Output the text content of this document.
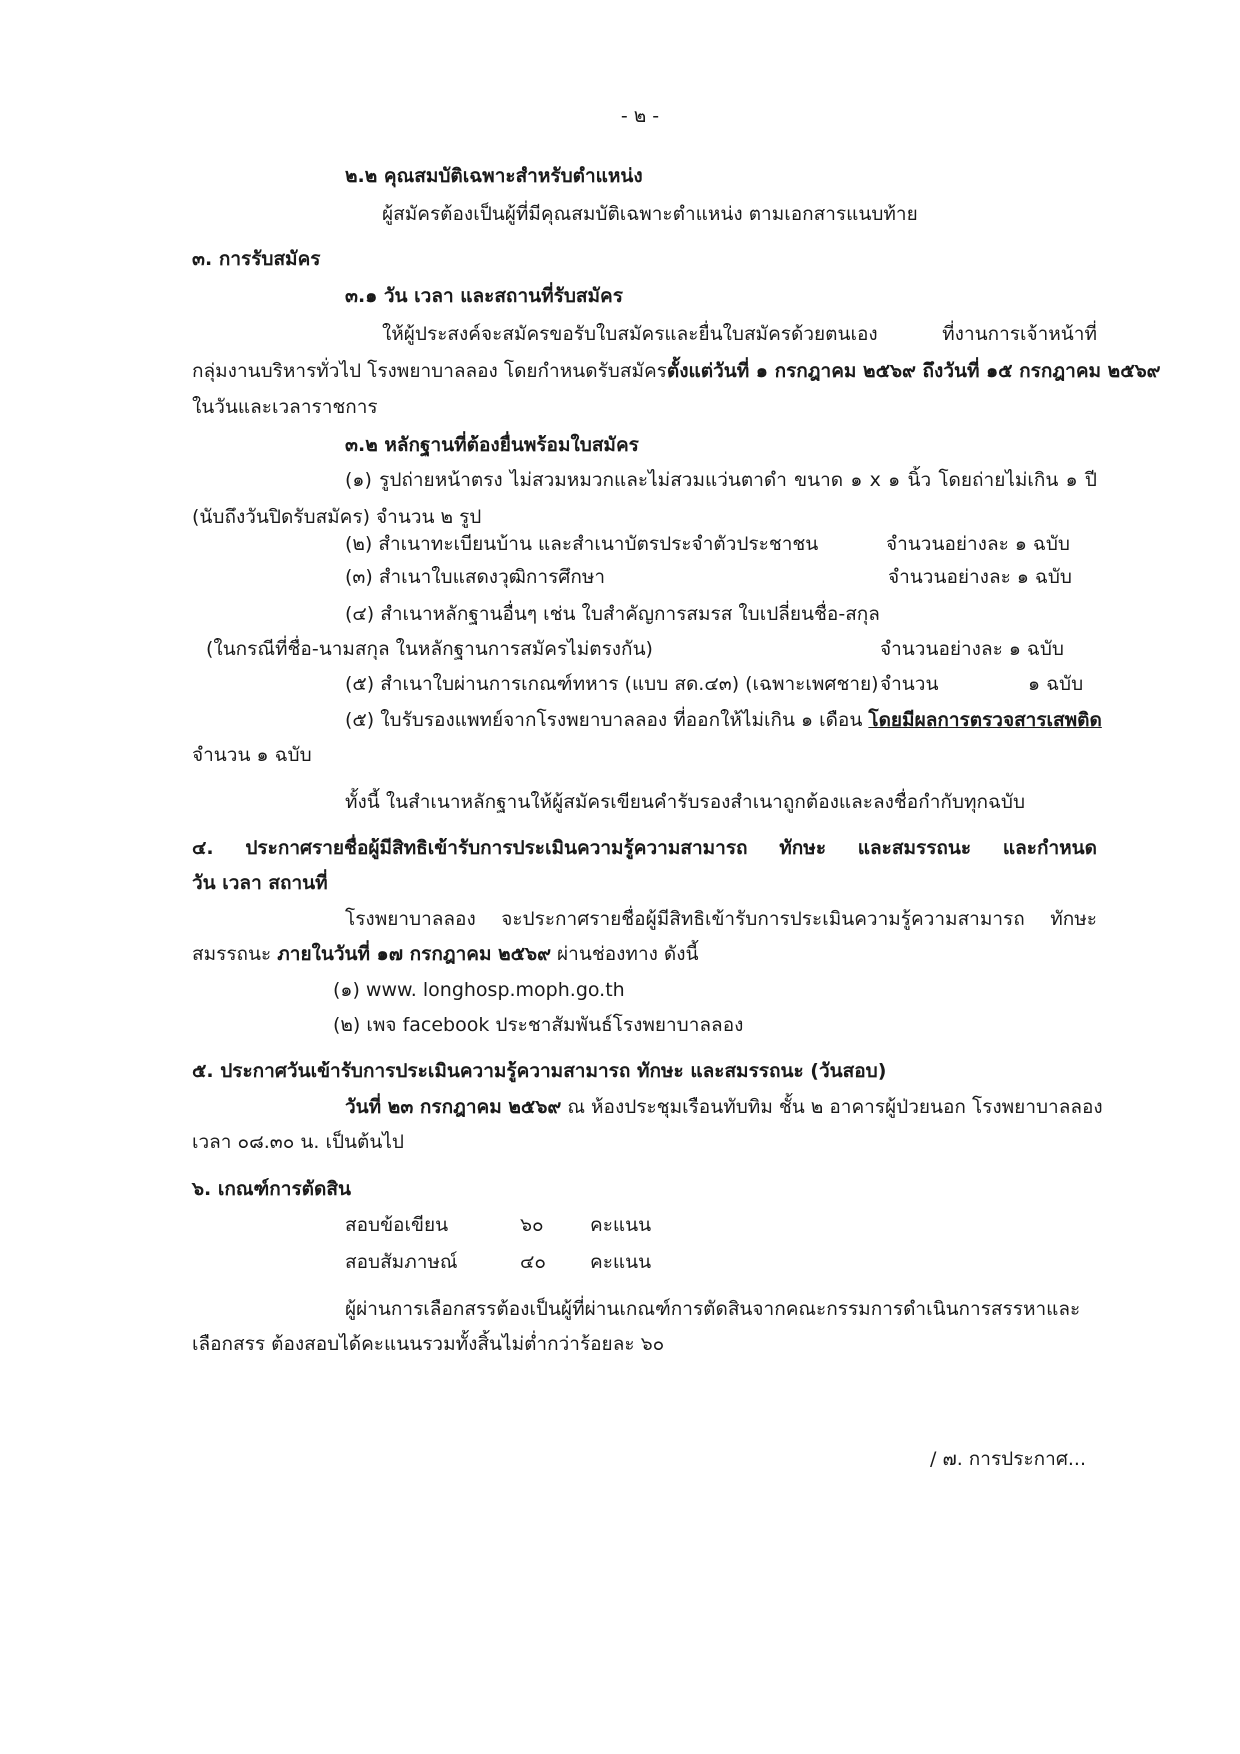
- ๒ -
๒.๒ คุณสมบัติเฉพาะสำหรับตำแหน่ง
ผู้สมัครต้องเป็นผู้ที่มีคุณสมบัติเฉพาะตำแหน่ง ตามเอกสารแนบท้าย
๓. การรับสมัคร
๓.๑ วัน เวลา และสถานที่รับสมัคร
ให้ผู้ประสงค์จะสมัครขอรับใบสมัครและยื่นใบสมัครด้วยตนเอง ที่งานการเจ้าหน้าที่
กลุ่มงานบริหารทั่วไป โรงพยาบาลลอง โดยกำหนดรับสมัครตั้งแต่วันที่ ๑ กรกฎาคม ๒๕๖๙ ถึงวันที่ ๑๕ กรกฎาคม ๒๕๖๙
ในวันและเวลาราชการ
๓.๒ หลักฐานที่ต้องยื่นพร้อมใบสมัคร
(๑) รูปถ่ายหน้าตรง ไม่สวมหมวกและไม่สวมแว่นตาดำ ขนาด ๑ x ๑ นิ้ว โดยถ่ายไม่เกิน ๑ ปี
(นับถึงวันปิดรับสมัคร) จำนวน ๒ รูป
(๒) สำเนาทะเบียนบ้าน และสำเนาบัตรประจำตัวประชาชน	จำนวนอย่างละ ๑ ฉบับ
(๓) สำเนาใบแสดงวุฒิการศึกษา	จำนวนอย่างละ ๑ ฉบับ
(๔) สำเนาหลักฐานอื่นๆ เช่น ใบสำคัญการสมรส ใบเปลี่ยนชื่อ-สกุล
(ในกรณีที่ชื่อ-นามสกุล ในหลักฐานการสมัครไม่ตรงกัน)	จำนวนอย่างละ ๑ ฉบับ
(๕) สำเนาใบผ่านการเกณฑ์ทหาร (แบบ สด.๔๓) (เฉพาะเพศชาย) จำนวน	๑ ฉบับ
(๕) ใบรับรองแพทย์จากโรงพยาบาลลอง ที่ออกให้ไม่เกิน ๑ เดือน โดยมีผลการตรวจสารเสพติด
จำนวน ๑ ฉบับ
ทั้งนี้ ในสำเนาหลักฐานให้ผู้สมัครเขียนคำรับรองสำเนาถูกต้องและลงชื่อกำกับทุกฉบับ
๔. ประกาศรายชื่อผู้มีสิทธิเข้ารับการประเมินความรู้ความสามารถ ทักษะ และสมรรถนะ และกำหนด
วัน เวลา สถานที่
โรงพยาบาลลอง จะประกาศรายชื่อผู้มีสิทธิเข้ารับการประเมินความรู้ความสามารถ ทักษะ
สมรรถนะ ภายในวันที่ ๑๗ กรกฎาคม ๒๕๖๙ ผ่านช่องทาง ดังนี้
(๑) www. longhosp.moph.go.th
(๒) เพจ facebook ประชาสัมพันธ์โรงพยาบาลลอง
๕. ประกาศวันเข้ารับการประเมินความรู้ความสามารถ ทักษะ และสมรรถนะ (วันสอบ)
วันที่ ๒๓ กรกฎาคม ๒๕๖๙ ณ ห้องประชุมเรือนทับทิม ชั้น ๒ อาคารผู้ป่วยนอก โรงพยาบาลลอง
เวลา ๐๘.๓๐ น. เป็นต้นไป
๖. เกณฑ์การตัดสิน
สอบข้อเขียน	๖๐ คะแนน
สอบสัมภาษณ์	๔๐ คะแนน
ผู้ผ่านการเลือกสรรต้องเป็นผู้ที่ผ่านเกณฑ์การตัดสินจากคณะกรรมการดำเนินการสรรหาและ
เลือกสรร ต้องสอบได้คะแนนรวมทั้งสิ้นไม่ต่ำกว่าร้อยละ ๖๐
/ ๗. การประกาศ...
